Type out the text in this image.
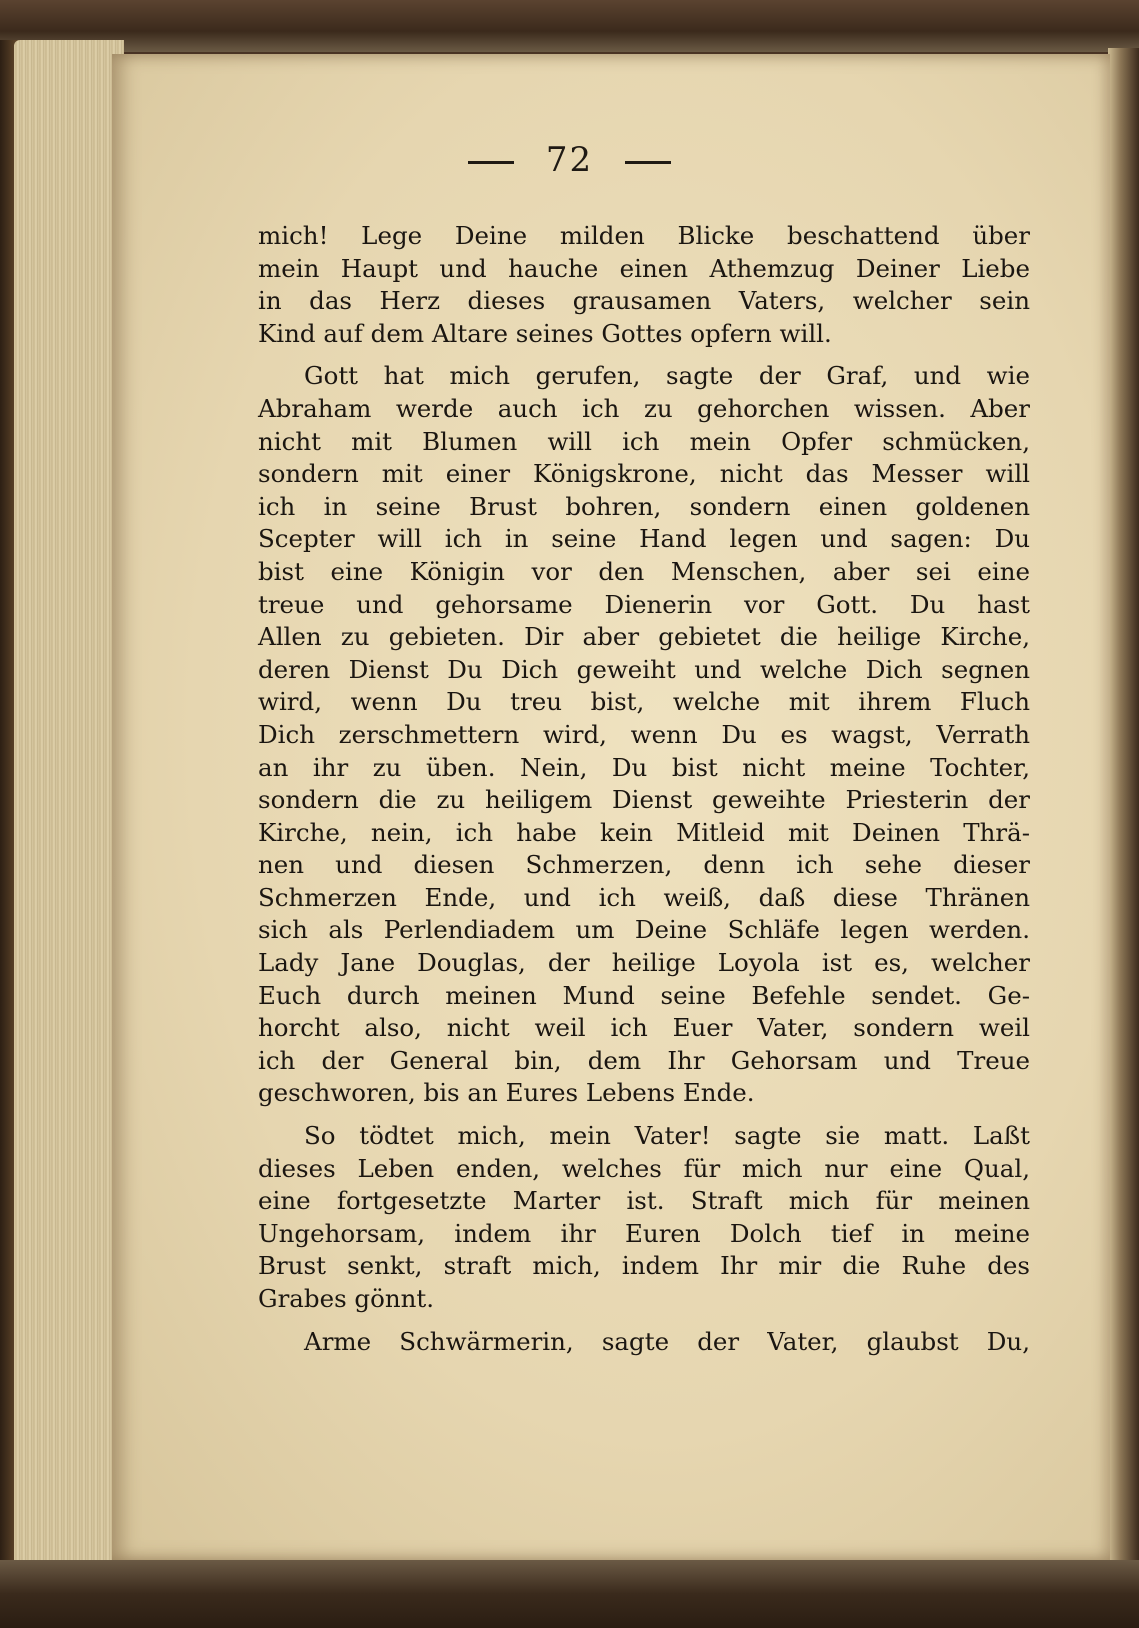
72
mich! Lege Deine milden Blicke beschattend über
mein Haupt und hauche einen Athemzug Deiner Liebe
in das Herz dieses grausamen Vaters, welcher sein
Kind auf dem Altare seines Gottes opfern will.
Gott hat mich gerufen, sagte der Graf, und wie
Abraham werde auch ich zu gehorchen wissen. Aber
nicht mit Blumen will ich mein Opfer schmücken,
sondern mit einer Königskrone, nicht das Messer will
ich in seine Brust bohren, sondern einen goldenen
Scepter will ich in seine Hand legen und sagen: Du
bist eine Königin vor den Menschen, aber sei eine
treue und gehorsame Dienerin vor Gott. Du hast
Allen zu gebieten. Dir aber gebietet die heilige Kirche,
deren Dienst Du Dich geweiht und welche Dich segnen
wird, wenn Du treu bist, welche mit ihrem Fluch
Dich zerschmettern wird, wenn Du es wagst, Verrath
an ihr zu üben. Nein, Du bist nicht meine Tochter,
sondern die zu heiligem Dienst geweihte Priesterin der
Kirche, nein, ich habe kein Mitleid mit Deinen Thrä-
nen und diesen Schmerzen, denn ich sehe dieser
Schmerzen Ende, und ich weiß, daß diese Thränen
sich als Perlendiadem um Deine Schläfe legen werden.
Lady Jane Douglas, der heilige Loyola ist es, welcher
Euch durch meinen Mund seine Befehle sendet. Ge-
horcht also, nicht weil ich Euer Vater, sondern weil
ich der General bin, dem Ihr Gehorsam und Treue
geschworen, bis an Eures Lebens Ende.
So tödtet mich, mein Vater! sagte sie matt. Laßt
dieses Leben enden, welches für mich nur eine Qual,
eine fortgesetzte Marter ist. Straft mich für meinen
Ungehorsam, indem ihr Euren Dolch tief in meine
Brust senkt, straft mich, indem Ihr mir die Ruhe des
Grabes gönnt.
Arme Schwärmerin, sagte der Vater, glaubst Du,
